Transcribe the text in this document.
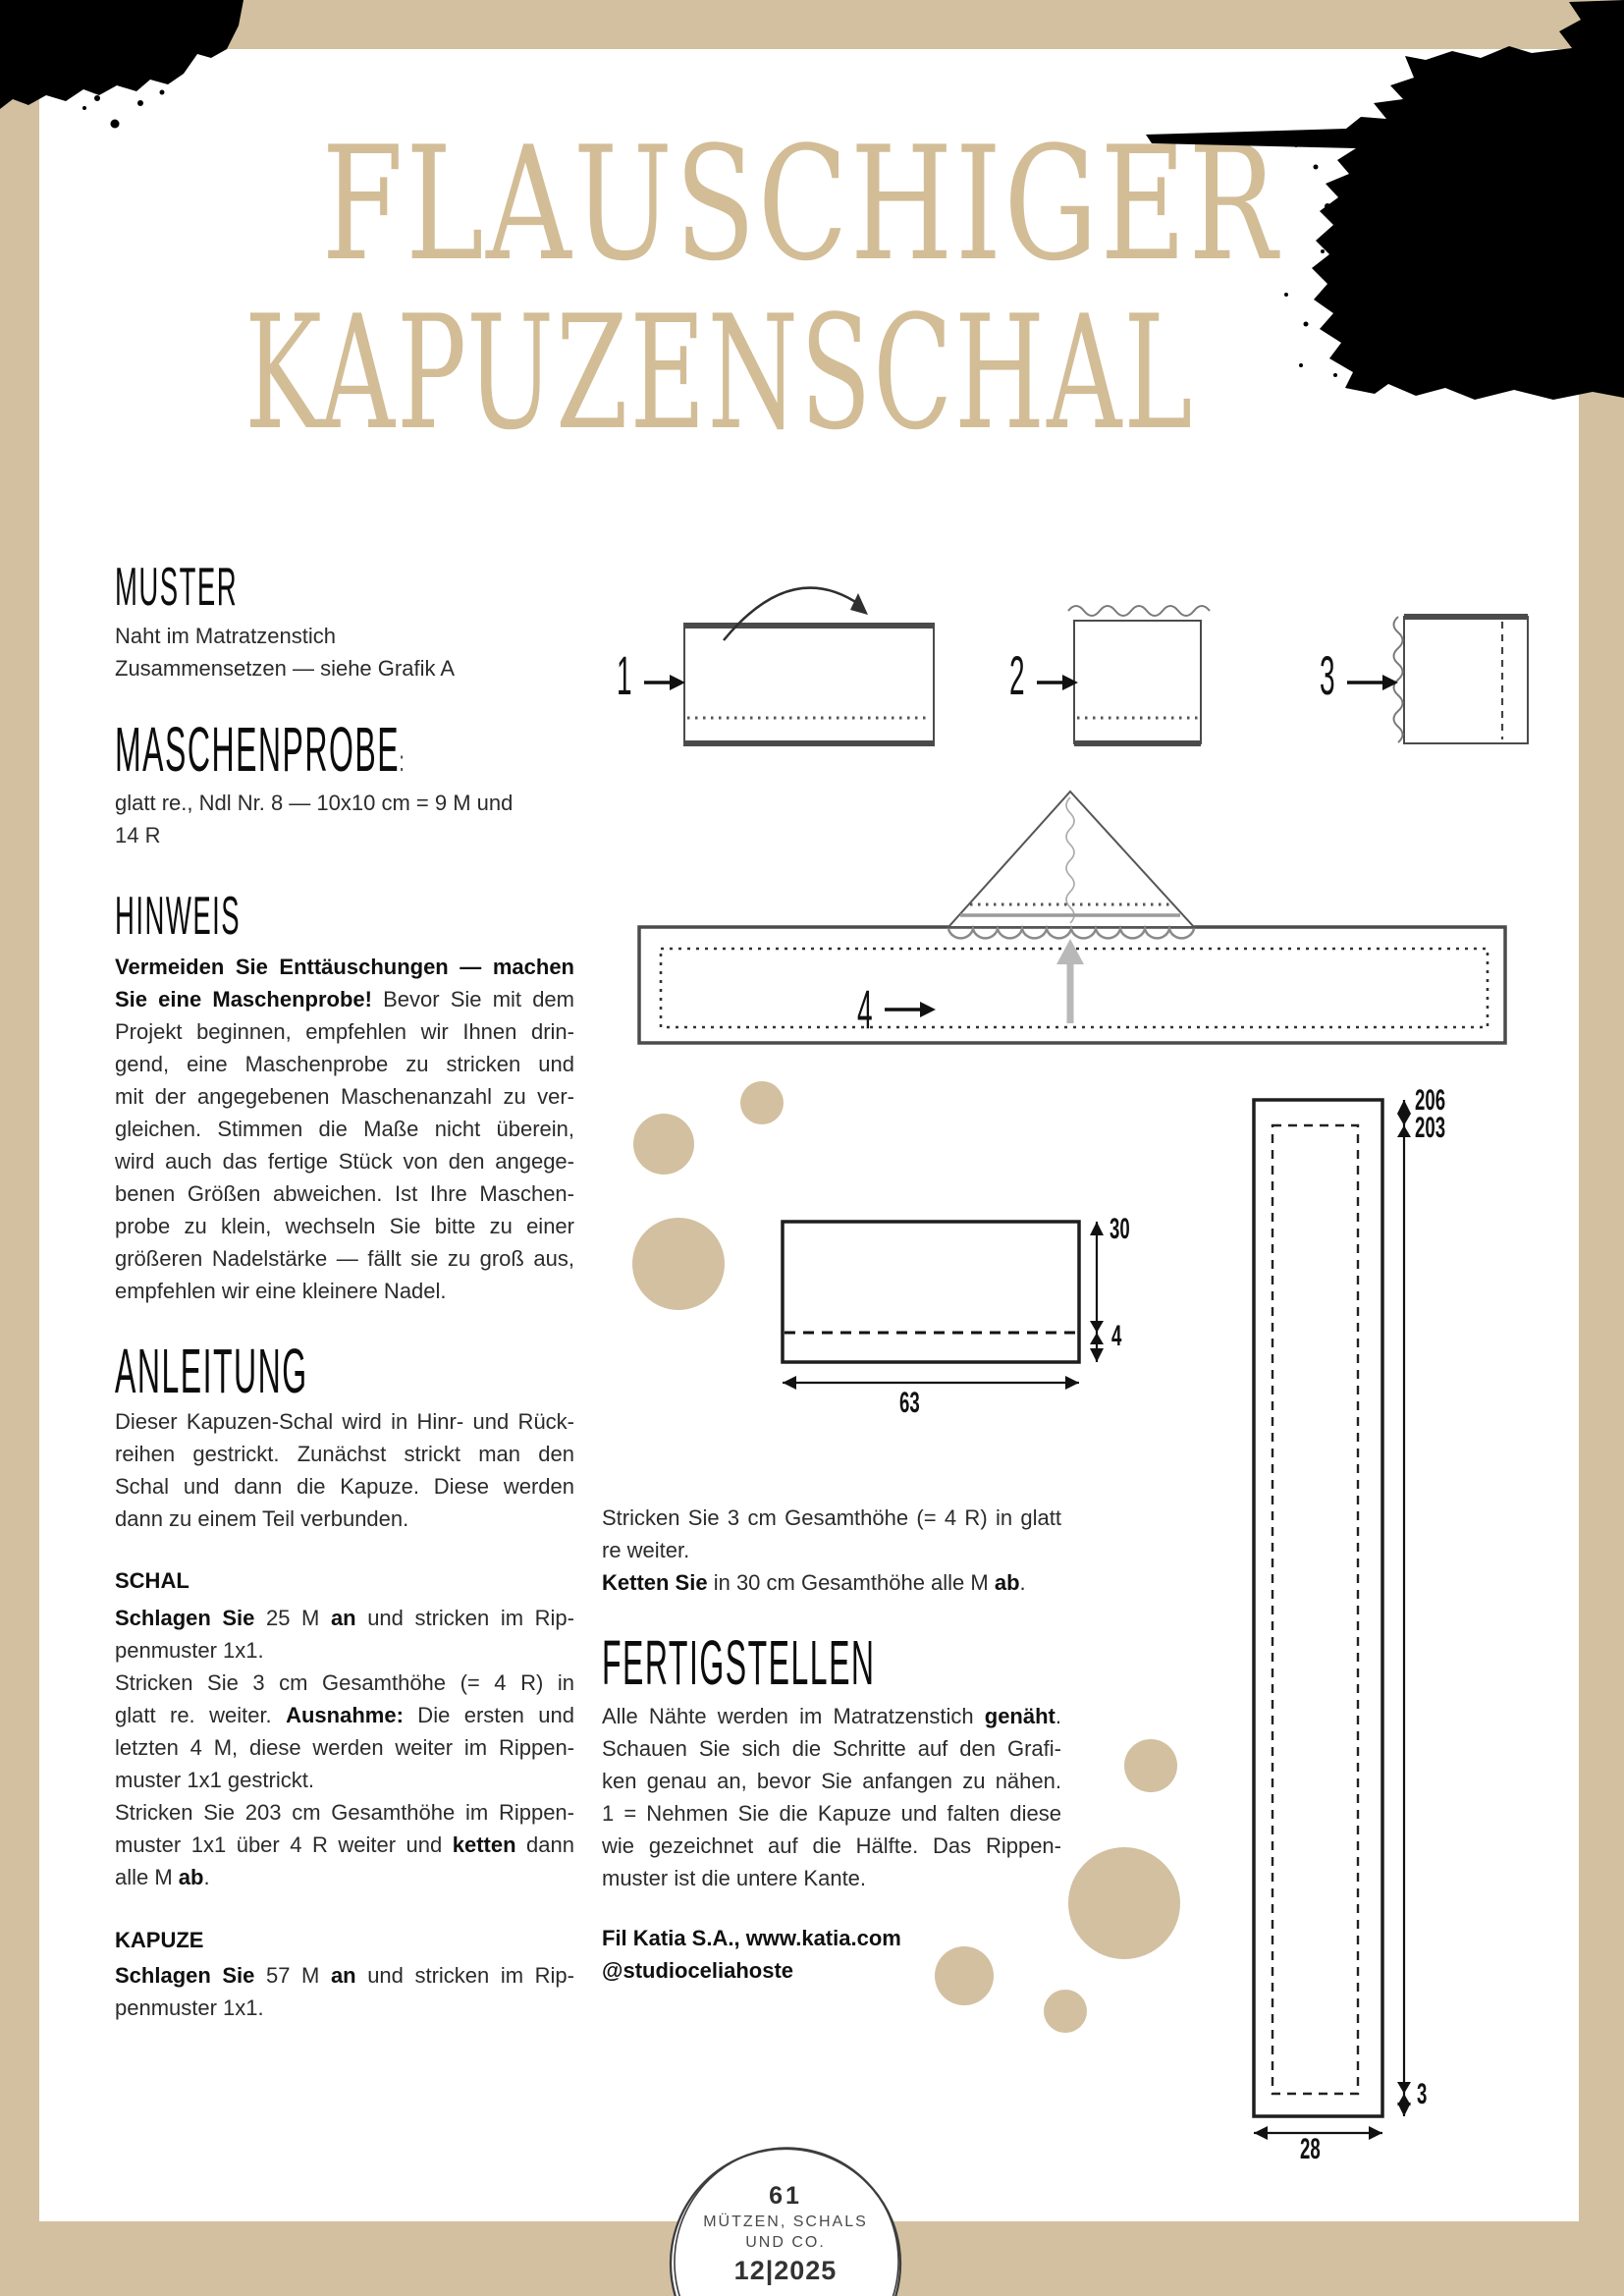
FLAUSCHIGER
KAPUZENSCHAL
MUSTER
Naht im Matratzenstich
Zusammensetzen — siehe Grafik A
MASCHENPROBE:
glatt re., Ndl Nr. 8 — 10x10 cm = 9 M und
14 R
HINWEIS
Vermeiden Sie Enttäuschungen — machen
Sie eine Maschenprobe! Bevor Sie mit dem
Projekt beginnen, empfehlen wir Ihnen drin-
gend, eine Maschenprobe zu stricken und
mit der angegebenen Maschenanzahl zu ver-
gleichen. Stimmen die Maße nicht überein,
wird auch das fertige Stück von den angege-
benen Größen abweichen. Ist Ihre Maschen-
probe zu klein, wechseln Sie bitte zu einer
größeren Nadelstärke — fällt sie zu groß aus,
empfehlen wir eine kleinere Nadel.
ANLEITUNG
Dieser Kapuzen-Schal wird in Hinr- und Rück-
reihen gestrickt. Zunächst strickt man den
Schal und dann die Kapuze. Diese werden
dann zu einem Teil verbunden.
SCHAL
Schlagen Sie 25 M an und stricken im Rip-
penmuster 1x1.
Stricken Sie 3 cm Gesamthöhe (= 4 R) in
glatt re. weiter. Ausnahme: Die ersten und
letzten 4 M, diese werden weiter im Rippen-
muster 1x1 gestrickt.
Stricken Sie 203 cm Gesamthöhe im Rippen-
muster 1x1 über 4 R weiter und ketten dann
alle M ab.
KAPUZE
Schlagen Sie 57 M an und stricken im Rip-
penmuster 1x1.
Stricken Sie 3 cm Gesamthöhe (= 4 R) in glatt
re weiter.
Ketten Sie in 30 cm Gesamthöhe alle M ab.
FERTIGSTELLEN
Alle Nähte werden im Matratzenstich genäht.
Schauen Sie sich die Schritte auf den Grafi-
ken genau an, bevor Sie anfangen zu nähen.
1 = Nehmen Sie die Kapuze und falten diese
wie gezeichnet auf die Hälfte. Das Rippen-
muster ist die untere Kante.
Fil Katia S.A., www.katia.com
@studioceliahoste
1	2	3
4
30
4
63
206
203
3
28
61
MÜTZEN, SCHALS
UND CO.
12|2025
